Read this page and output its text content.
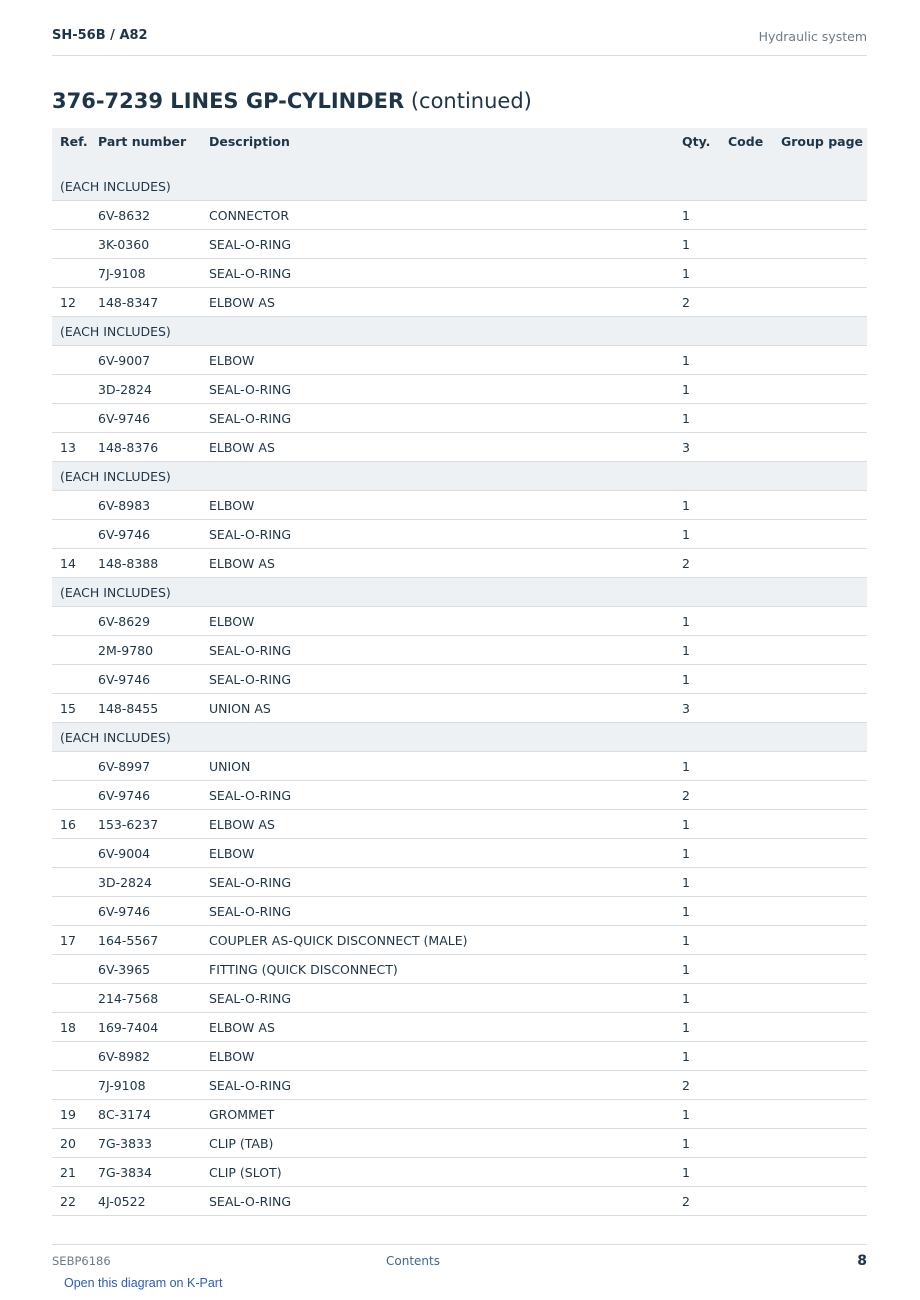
SH-56B / A82	Hydraulic system
376-7239 LINES GP-CYLINDER (continued)
Ref.	Part number	Description	Qty.	Code	Group page
(EACH INCLUDES)					
	6V-8632	CONNECTOR	1		
	3K-0360	SEAL-O-RING	1		
	7J-9108	SEAL-O-RING	1		
12	148-8347	ELBOW AS	2		
(EACH INCLUDES)					
	6V-9007	ELBOW	1		
	3D-2824	SEAL-O-RING	1		
	6V-9746	SEAL-O-RING	1		
13	148-8376	ELBOW AS	3		
(EACH INCLUDES)					
	6V-8983	ELBOW	1		
	6V-9746	SEAL-O-RING	1		
14	148-8388	ELBOW AS	2		
(EACH INCLUDES)					
	6V-8629	ELBOW	1		
	2M-9780	SEAL-O-RING	1		
	6V-9746	SEAL-O-RING	1		
15	148-8455	UNION AS	3		
(EACH INCLUDES)					
	6V-8997	UNION	1		
	6V-9746	SEAL-O-RING	2		
16	153-6237	ELBOW AS	1		
	6V-9004	ELBOW	1		
	3D-2824	SEAL-O-RING	1		
	6V-9746	SEAL-O-RING	1		
17	164-5567	COUPLER AS-QUICK DISCONNECT (MALE)	1		
	6V-3965	FITTING (QUICK DISCONNECT)	1		
	214-7568	SEAL-O-RING	1		
18	169-7404	ELBOW AS	1		
	6V-8982	ELBOW	1		
	7J-9108	SEAL-O-RING	2		
19	8C-3174	GROMMET	1		
20	7G-3833	CLIP (TAB)	1		
21	7G-3834	CLIP (SLOT)	1		
22	4J-0522	SEAL-O-RING	2		
SEBP6186	Contents	8
Open this diagram on K-Part
